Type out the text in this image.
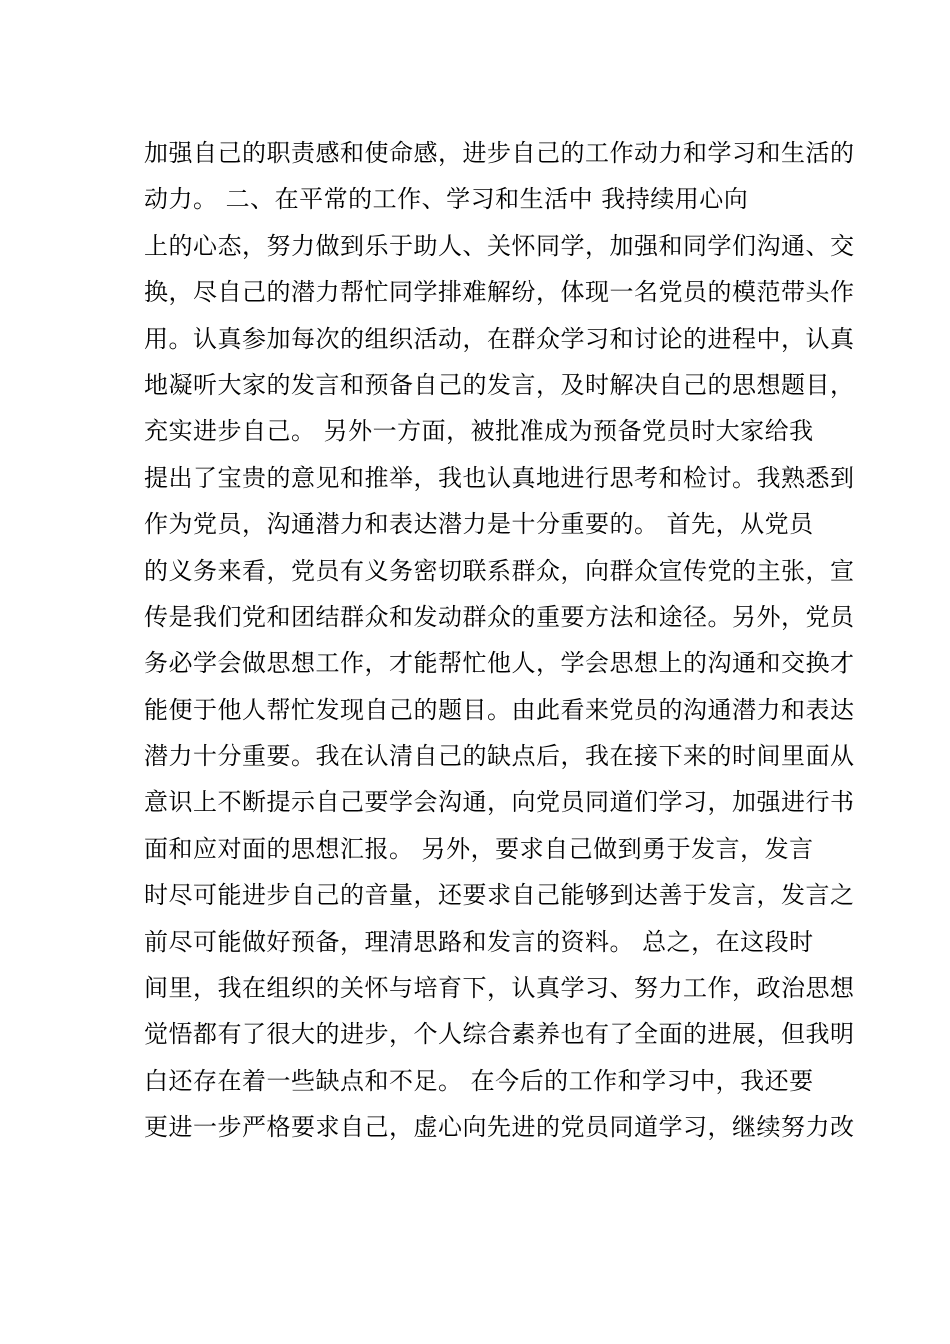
加强自己的职责感和使命感，进步自己的工作动力和学习和生活的
动力。 二、在平常的工作、学习和生活中 我持续用心向
上的心态，努力做到乐于助人、关怀同学，加强和同学们沟通、交
换，尽自己的潜力帮忙同学排难解纷，体现一名党员的模范带头作
用。认真参加每次的组织活动，在群众学习和讨论的进程中，认真
地凝听大家的发言和预备自己的发言，及时解决自己的思想题目，
充实进步自己。 另外一方面，被批准成为预备党员时大家给我
提出了宝贵的意见和推举，我也认真地进行思考和检讨。我熟悉到
作为党员，沟通潜力和表达潜力是十分重要的。 首先，从党员
的义务来看，党员有义务密切联系群众，向群众宣传党的主张，宣
传是我们党和团结群众和发动群众的重要方法和途径。另外，党员
务必学会做思想工作，才能帮忙他人，学会思想上的沟通和交换才
能便于他人帮忙发现自己的题目。由此看来党员的沟通潜力和表达
潜力十分重要。我在认清自己的缺点后，我在接下来的时间里面从
意识上不断提示自己要学会沟通，向党员同道们学习，加强进行书
面和应对面的思想汇报。 另外，要求自己做到勇于发言，发言
时尽可能进步自己的音量，还要求自己能够到达善于发言，发言之
前尽可能做好预备，理清思路和发言的资料。 总之，在这段时
间里，我在组织的关怀与培育下，认真学习、努力工作，政治思想
觉悟都有了很大的进步，个人综合素养也有了全面的进展，但我明
白还存在着一些缺点和不足。 在今后的工作和学习中，我还要
更进一步严格要求自己，虚心向先进的党员同道学习，继续努力改
